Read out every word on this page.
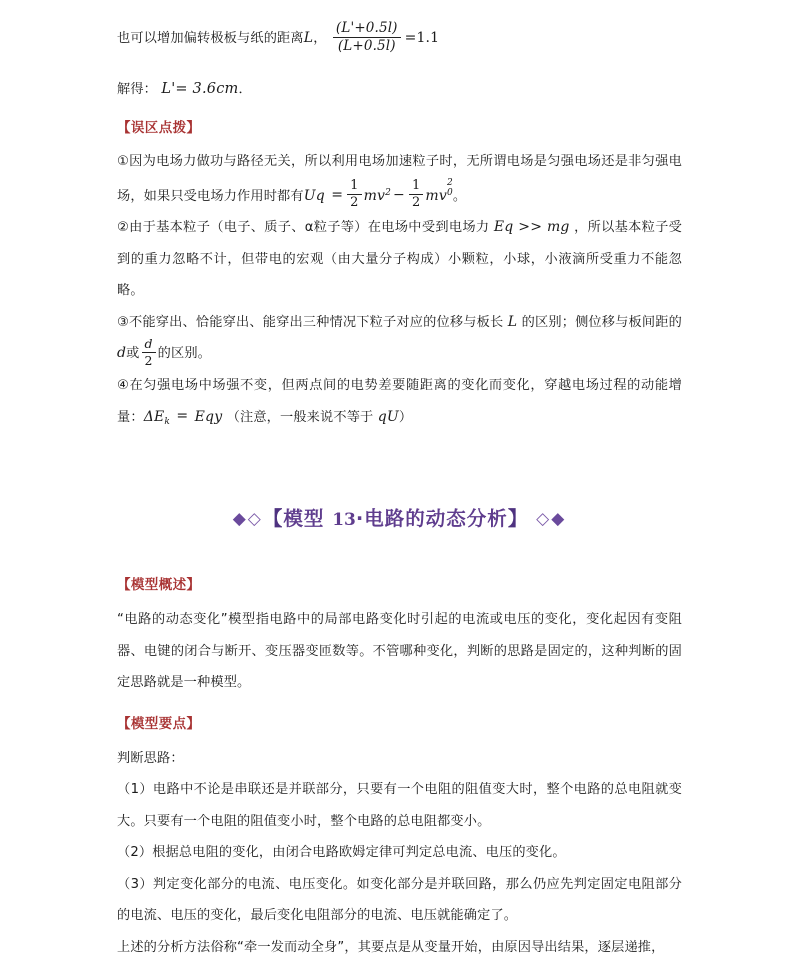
也可以增加偏转极板与纸的距离L， $\frac{(L'+0.5l)}{(L+0.5l)} =1.1$
解得： L'= 3.6cm．
【误区点拨】
①因为电场力做功与路径无关，所以利用电场加速粒子时，无所谓电场是匀强电场还是非匀强电场，如果只受电场力作用时都有$Uq = \frac{1}{2} mv^2 - \frac{1}{2}$ mv
2
0 。
②由于基本粒子（电子、质子、α粒子等）在电场中受到电场力 Eq >> mg ，所以基本粒子受到的重力忽略不计，但带电的宏观（由大量分子构成）小颗粒，小球，小液滴所受重力不能忽略。
③不能穿出、恰能穿出、能穿出三种情况下粒子对应的位移与板长 L 的区别；侧位移与板间距的d或 $\frac{d}{2}$ 的区别。
④在匀强电场中场强不变，但两点间的电势差要随距离的变化而变化，穿越电场过程的动能增量：$\Delta E_k$ = Eqy （注意，一般来说不等于 qU）
◆◇【模型 13·电路的动态分析】 ◇◆
【模型概述】
“电路的动态变化”模型指电路中的局部电路变化时引起的电流或电压的变化，变化起因有变阻器、电键的闭合与断开、变压器变匝数等。不管哪种变化，判断的思路是固定的，这种判断的固定思路就是一种模型。
【模型要点】
判断思路：
（1）电路中不论是串联还是并联部分，只要有一个电阻的阻值变大时，整个电路的总电阻就变大。只要有一个电阻的阻值变小时，整个电路的总电阻都变小。
（2）根据总电阻的变化，由闭合电路欧姆定律可判定总电流、电压的变化。
（3）判定变化部分的电流、电压变化。如变化部分是并联回路，那么仍应先判定固定电阻部分的电流、电压的变化，最后变化电阻部分的电流、电压就能确定了。
上述的分析方法俗称“牵一发而动全身”，其要点是从变量开始，由原因导出结果，逐层递推，
